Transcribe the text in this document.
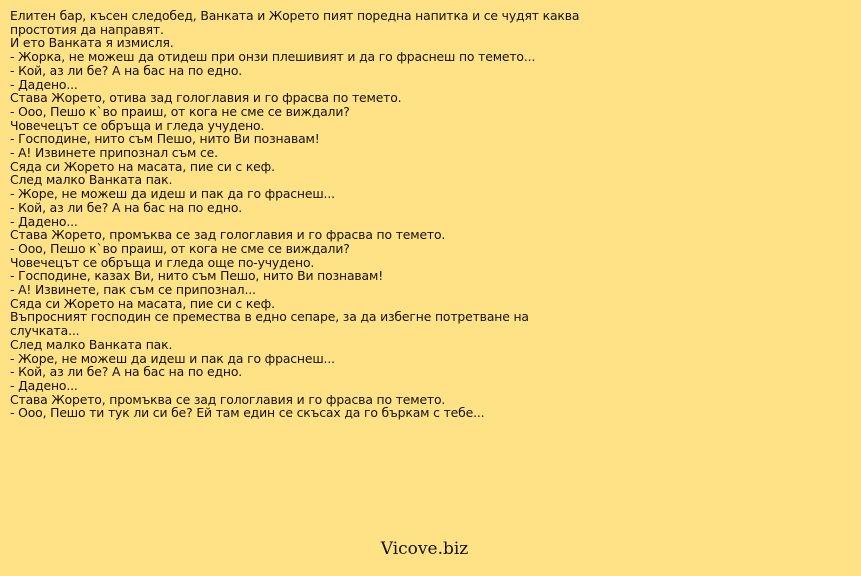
Елитен бар, късен следобед, Ванката и Жорето пият поредна напитка и се чудят каква простотия да направят.
И ето Ванката я измисля.
- Жорка, не можеш да отидеш при онзи плешивият и да го фраснеш по темето...
- Кой, аз ли бе? А на бас на по едно.
- Дадено...
Става Жорето, отива зад гологлавия и го фрасва по темето.
- Ооо, Пешо к`во праиш, от кога не сме се виждали?
Човечецът се обръща и гледа учудено.
- Господине, нито съм Пешо, нито Ви познавам!
- А! Извинете припознал съм се.
Сяда си Жорето на масата, пие си с кеф.
След малко Ванката пак.
- Жоре, не можеш да идеш и пак да го фраснеш...
- Кой, аз ли бе? А на бас на по едно.
- Дадено...
Става Жорето, промъква се зад гологлавия и го фрасва по темето.
- Ооо, Пешо к`во праиш, от кога не сме се виждали?
Човечецът се обръща и гледа още по-учудено.
- Господине, казах Ви, нито съм Пешо, нито Ви познавам!
- А! Извинете, пак съм се припознал...
Сяда си Жорето на масата, пие си с кеф.
Въпросният господин се премества в едно сепаре, за да избегне потретване на случката...
След малко Ванката пак.
- Жоре, не можеш да идеш и пак да го фраснеш...
- Кой, аз ли бе? А на бас на по едно.
- Дадено...
Става Жорето, промъква се зад гологлавия и го фрасва по темето.
- Ооо, Пешо ти тук ли си бе? Ей там един се скъсах да го бъркам с тебе...
Vicove.biz
